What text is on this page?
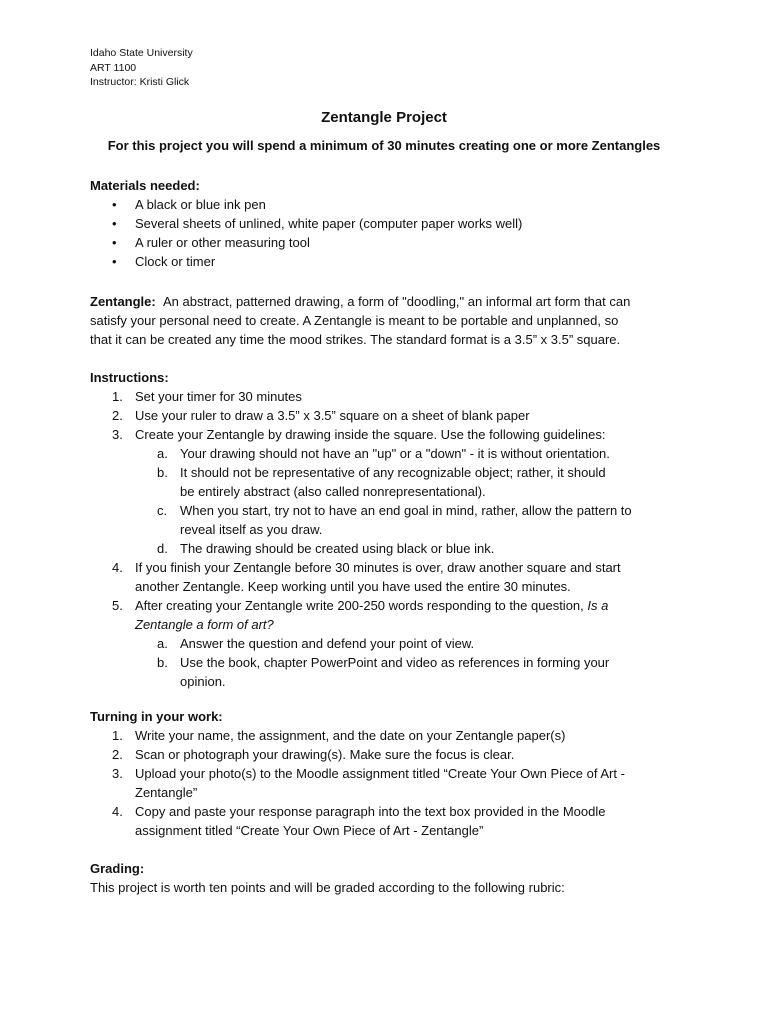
Idaho State University
ART 1100
Instructor: Kristi Glick
Zentangle Project
For this project you will spend a minimum of 30 minutes creating one or more Zentangles
Materials needed:
• A black or blue ink pen
• Several sheets of unlined, white paper (computer paper works well)
• A ruler or other measuring tool
• Clock or timer
Zentangle: An abstract, patterned drawing, a form of "doodling," an informal art form that can
satisfy your personal need to create. A Zentangle is meant to be portable and unplanned, so
that it can be created any time the mood strikes. The standard format is a 3.5” x 3.5” square.
Instructions:
1. Set your timer for 30 minutes
2. Use your ruler to draw a 3.5” x 3.5” square on a sheet of blank paper
3. Create your Zentangle by drawing inside the square. Use the following guidelines:
a. Your drawing should not have an "up" or a "down" - it is without orientation.
b. It should not be representative of any recognizable object; rather, it should
be entirely abstract (also called nonrepresentational).
c. When you start, try not to have an end goal in mind, rather, allow the pattern to
reveal itself as you draw.
d. The drawing should be created using black or blue ink.
4. If you finish your Zentangle before 30 minutes is over, draw another square and start
another Zentangle. Keep working until you have used the entire 30 minutes.
5. After creating your Zentangle write 200-250 words responding to the question, Is a
Zentangle a form of art?
a. Answer the question and defend your point of view.
b. Use the book, chapter PowerPoint and video as references in forming your
opinion.
Turning in your work:
1. Write your name, the assignment, and the date on your Zentangle paper(s)
2. Scan or photograph your drawing(s). Make sure the focus is clear.
3. Upload your photo(s) to the Moodle assignment titled “Create Your Own Piece of Art -
Zentangle”
4. Copy and paste your response paragraph into the text box provided in the Moodle
assignment titled “Create Your Own Piece of Art - Zentangle”
Grading:
This project is worth ten points and will be graded according to the following rubric:
